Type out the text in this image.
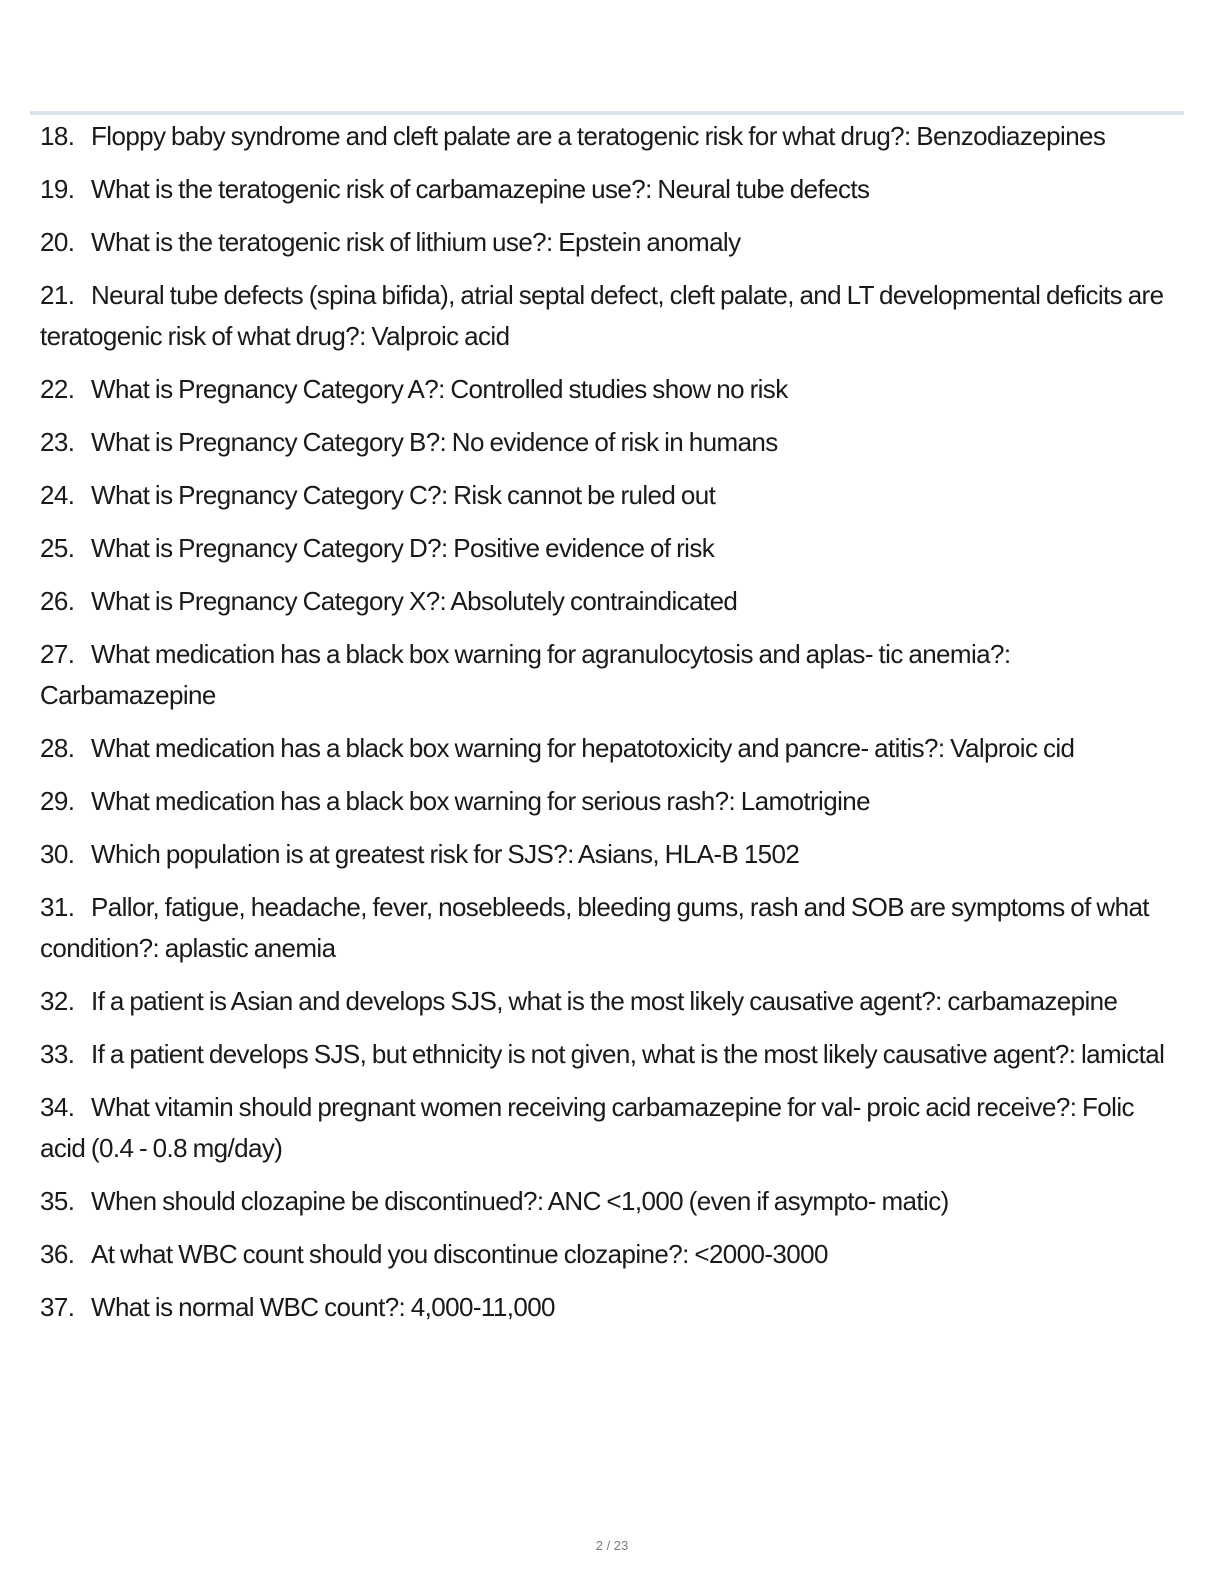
18. Floppy baby syndrome and cleft palate are a teratogenic risk for what drug?: Benzodiazepines
19. What is the teratogenic risk of carbamazepine use?: Neural tube defects
20. What is the teratogenic risk of lithium use?: Epstein anomaly
21. Neural tube defects (spina bifida), atrial septal defect, cleft palate, and LT developmental deficits are teratogenic risk of what drug?: Valproic acid
22. What is Pregnancy Category A?: Controlled studies show no risk
23. What is Pregnancy Category B?: No evidence of risk in humans
24. What is Pregnancy Category C?: Risk cannot be ruled out
25. What is Pregnancy Category D?: Positive evidence of risk
26. What is Pregnancy Category X?: Absolutely contraindicated
27. What medication has a black box warning for agranulocytosis and aplas- tic anemia?: Carbamazepine
28. What medication has a black box warning for hepatotoxicity and pancre- atitis?: Valproic cid
29. What medication has a black box warning for serious rash?: Lamotrigine
30. Which population is at greatest risk for SJS?: Asians, HLA-B 1502
31. Pallor, fatigue, headache, fever, nosebleeds, bleeding gums, rash and SOB are symptoms of what condition?: aplastic anemia
32. If a patient is Asian and develops SJS, what is the most likely causative agent?: carbamazepine
33. If a patient develops SJS, but ethnicity is not given, what is the most likely causative agent?: lamictal
34. What vitamin should pregnant women receiving carbamazepine for val- proic acid receive?: Folic acid (0.4 - 0.8 mg/day)
35. When should clozapine be discontinued?: ANC <1,000 (even if asympto- matic)
36. At what WBC count should you discontinue clozapine?: <2000-3000
37. What is normal WBC count?: 4,000-11,000
2 / 23
